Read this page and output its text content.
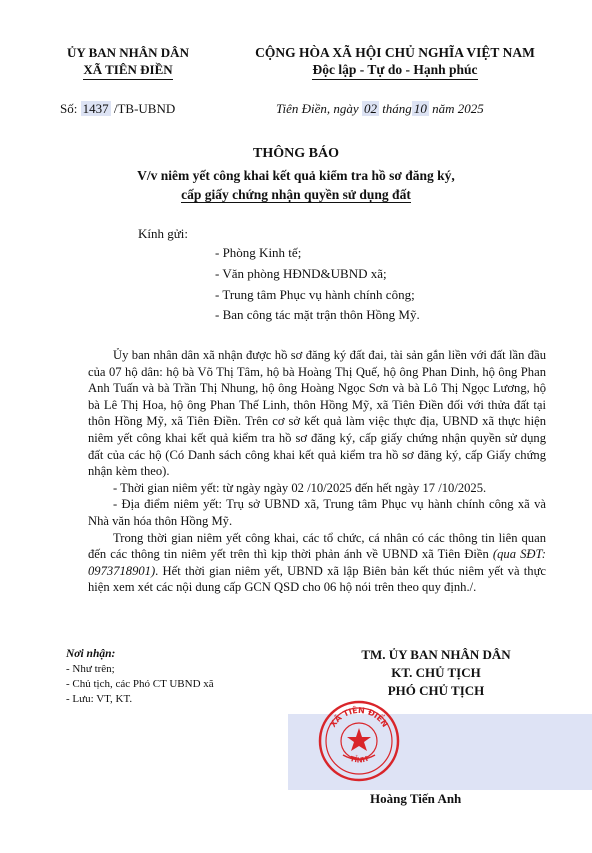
ỦY BAN NHÂN DÂN
XÃ TIÊN ĐIỀN
CỘNG HÒA XÃ HỘI CHỦ NGHĨA VIỆT NAM
Độc lập - Tự do - Hạnh phúc
Số: 1437 /TB-UBND	Tiên Điền, ngày 02 tháng 10 năm 2025
THÔNG BÁO
V/v niêm yết công khai kết quả kiểm tra hồ sơ đăng ký,
cấp giấy chứng nhận quyền sử dụng đất
Kính gửi:
- Phòng Kinh tế;
- Văn phòng HĐND&UBND xã;
- Trung tâm Phục vụ hành chính công;
- Ban công tác mặt trận thôn Hồng Mỹ.

Ủy ban nhân dân xã nhận được hồ sơ đăng ký đất đai, tài sản gắn liền với đất lần đầu của 07 hộ dân: hộ bà Võ Thị Tâm, hộ bà Hoàng Thị Quế, hộ ông Phan Dinh, hộ ông Phan Anh Tuấn và bà Trần Thị Nhung, hộ ông Hoàng Ngọc Sơn và bà Lô Thị Ngọc Lương, hộ bà Lê Thị Hoa, hộ ông Phan Thế Linh, thôn Hồng Mỹ, xã Tiên Điền đối với thửa đất tại thôn Hồng Mỹ, xã Tiên Điền. Trên cơ sở kết quả làm việc thực địa, UBND xã thực hiện niêm yết công khai kết quả kiểm tra hồ sơ đăng ký, cấp giấy chứng nhận quyền sử dụng đất của các hộ (Có Danh sách công khai kết quả kiểm tra hồ sơ đăng ký, cấp Giấy chứng nhận kèm theo).

- Thời gian niêm yết: từ ngày ngày 02 /10/2025 đến hết ngày 17 /10/2025.

- Địa điểm niêm yết: Trụ sở UBND xã, Trung tâm Phục vụ hành chính công xã và Nhà văn hóa thôn Hồng Mỹ.

Trong thời gian niêm yết công khai, các tổ chức, cá nhân có các thông tin liên quan đến các thông tin niêm yết trên thì kịp thời phản ánh về UBND xã Tiên Điền (qua SĐT: 0973718901). Hết thời gian niêm yết, UBND xã lập Biên bản kết thúc niêm yết và thực hiện xem xét các nội dung cấp GCN QSD cho 06 hộ nói trên theo quy định./.

Nơi nhận:
- Như trên;
- Chủ tịch, các Phó CT UBND xã
- Lưu: VT, KT.
TM. ỦY BAN NHÂN DÂN
KT. CHỦ TỊCH
PHÓ CHỦ TỊCH
XÃ TIÊN ĐIỀN
TỈNH
Hoàng Tiến Anh
